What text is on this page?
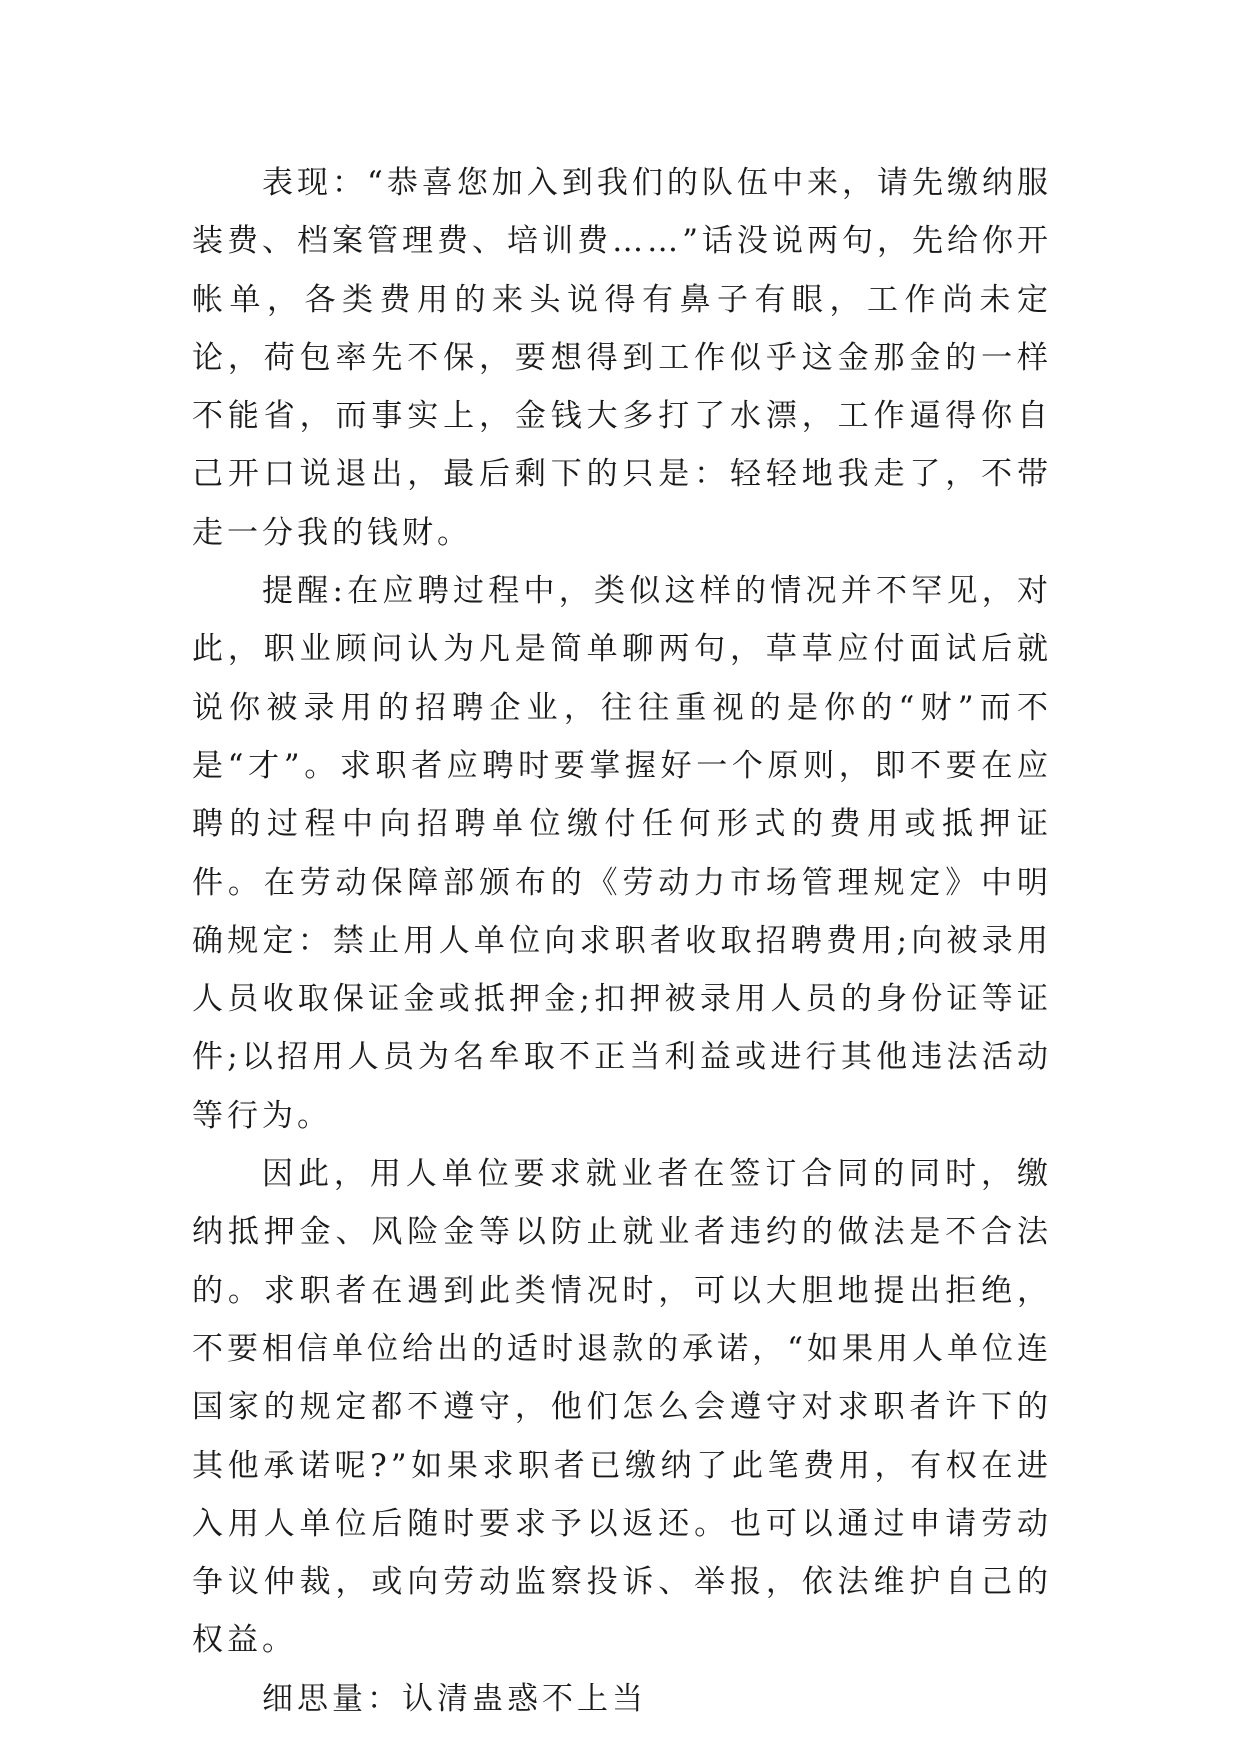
表现：“恭喜您加入到我们的队伍中来，请先缴纳服装费、档案管理费、培训费……”话没说两句，先给你开帐单，各类费用的来头说得有鼻子有眼，工作尚未定论，荷包率先不保，要想得到工作似乎这金那金的一样不能省，而事实上，金钱大多打了水漂，工作逼得你自己开口说退出，最后剩下的只是：轻轻地我走了，不带走一分我的钱财。

提醒:在应聘过程中，类似这样的情况并不罕见，对此，职业顾问认为凡是简单聊两句，草草应付面试后就说你被录用的招聘企业，往往重视的是你的“财”而不是“才”。求职者应聘时要掌握好一个原则，即不要在应聘的过程中向招聘单位缴付任何形式的费用或抵押证件。在劳动保障部颁布的《劳动力市场管理规定》中明确规定：禁止用人单位向求职者收取招聘费用;向被录用人员收取保证金或抵押金;扣押被录用人员的身份证等证件;以招用人员为名牟取不正当利益或进行其他违法活动等行为。

因此，用人单位要求就业者在签订合同的同时，缴纳抵押金、风险金等以防止就业者违约的做法是不合法的。求职者在遇到此类情况时，可以大胆地提出拒绝，不要相信单位给出的适时退款的承诺，“如果用人单位连国家的规定都不遵守，他们怎么会遵守对求职者许下的其他承诺呢?”如果求职者已缴纳了此笔费用，有权在进入用人单位后随时要求予以返还。也可以通过申请劳动争议仲裁，或向劳动监察投诉、举报，依法维护自己的权益。

细思量：认清蛊惑不上当
